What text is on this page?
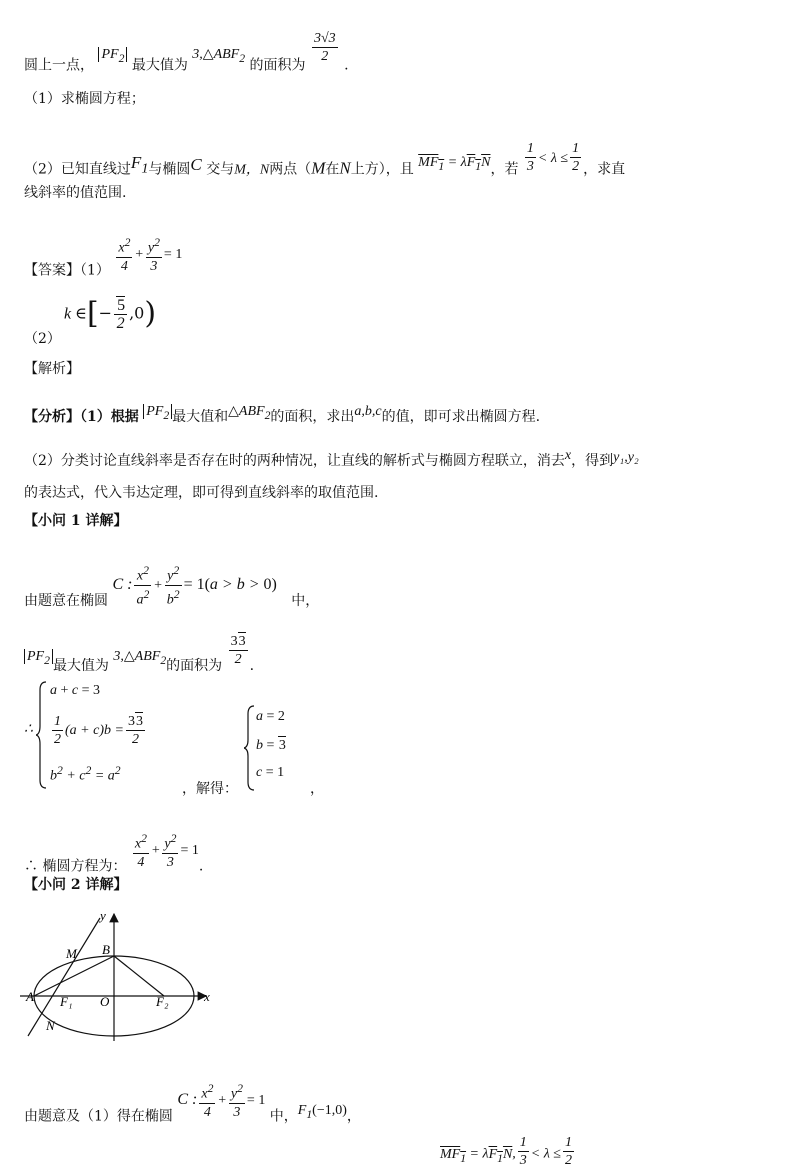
圆上一点， $PF_2$ 最大值为 $3,\triangle ABF_2$ 的面积为
$\frac{3√3}{2}$
.
（1）求椭圆方程；
（2）已知直线过$F_1$与椭圆C 交与M，N两点（M在N上方），且 $MF_1 = \lambda F_1N$，若 $\frac{1}{3} < \lambda \le \frac{1}{2}$ ，求直
线斜率的值范围.
【答案】$(1) \frac{x^2}{4} + \frac{y^2}{3} = 1$
k ∈[− $\frac{5}{2} ,0$)
（2）
【解析】
【分析】（1）根据 $PF_2$ 最大值和$\triangle ABF_2$的面积，求出a,b,c的值，即可求出椭圆方程.
（2）分类讨论直线斜率是否存在时的两种情况，让直线的解析式与椭圆方程联立，消去x，得到y₁,y₂
的表达式，代入韦达定理，即可得到直线斜率的取值范围.
【小问 1 详解】
由题意在椭圆 C : $\frac{x^2}{a^2} + \frac{y^2}{b^2} = 1(a > b > 0)$ 中，
$PF_2$ 最大值为 $3,\triangle ABF_2$的面积为 $\frac{33}{2}$ .
∴
a + c = 3
$\frac{1}{2} (a + c)b = \frac{33}{2}$
$b^2 + c^2 = a^2$
，解得：
a = 2
b = 3
c = 1
，
∴ 椭圆方程为： $\frac{x^2}{4} + \frac{y^2}{3} = 1$.
【小问 2 详解】
y
x
M B
A F₁ O	F₂
N
由题意及（1）得在椭圆 C : $\frac{x^2}{4} + \frac{y^2}{3} = 1$ 中，$F_1(-1,0)$，
$MF_1 = \lambda F_1N$, $\frac{1}{3} < \lambda \le \frac{1}{2}$
